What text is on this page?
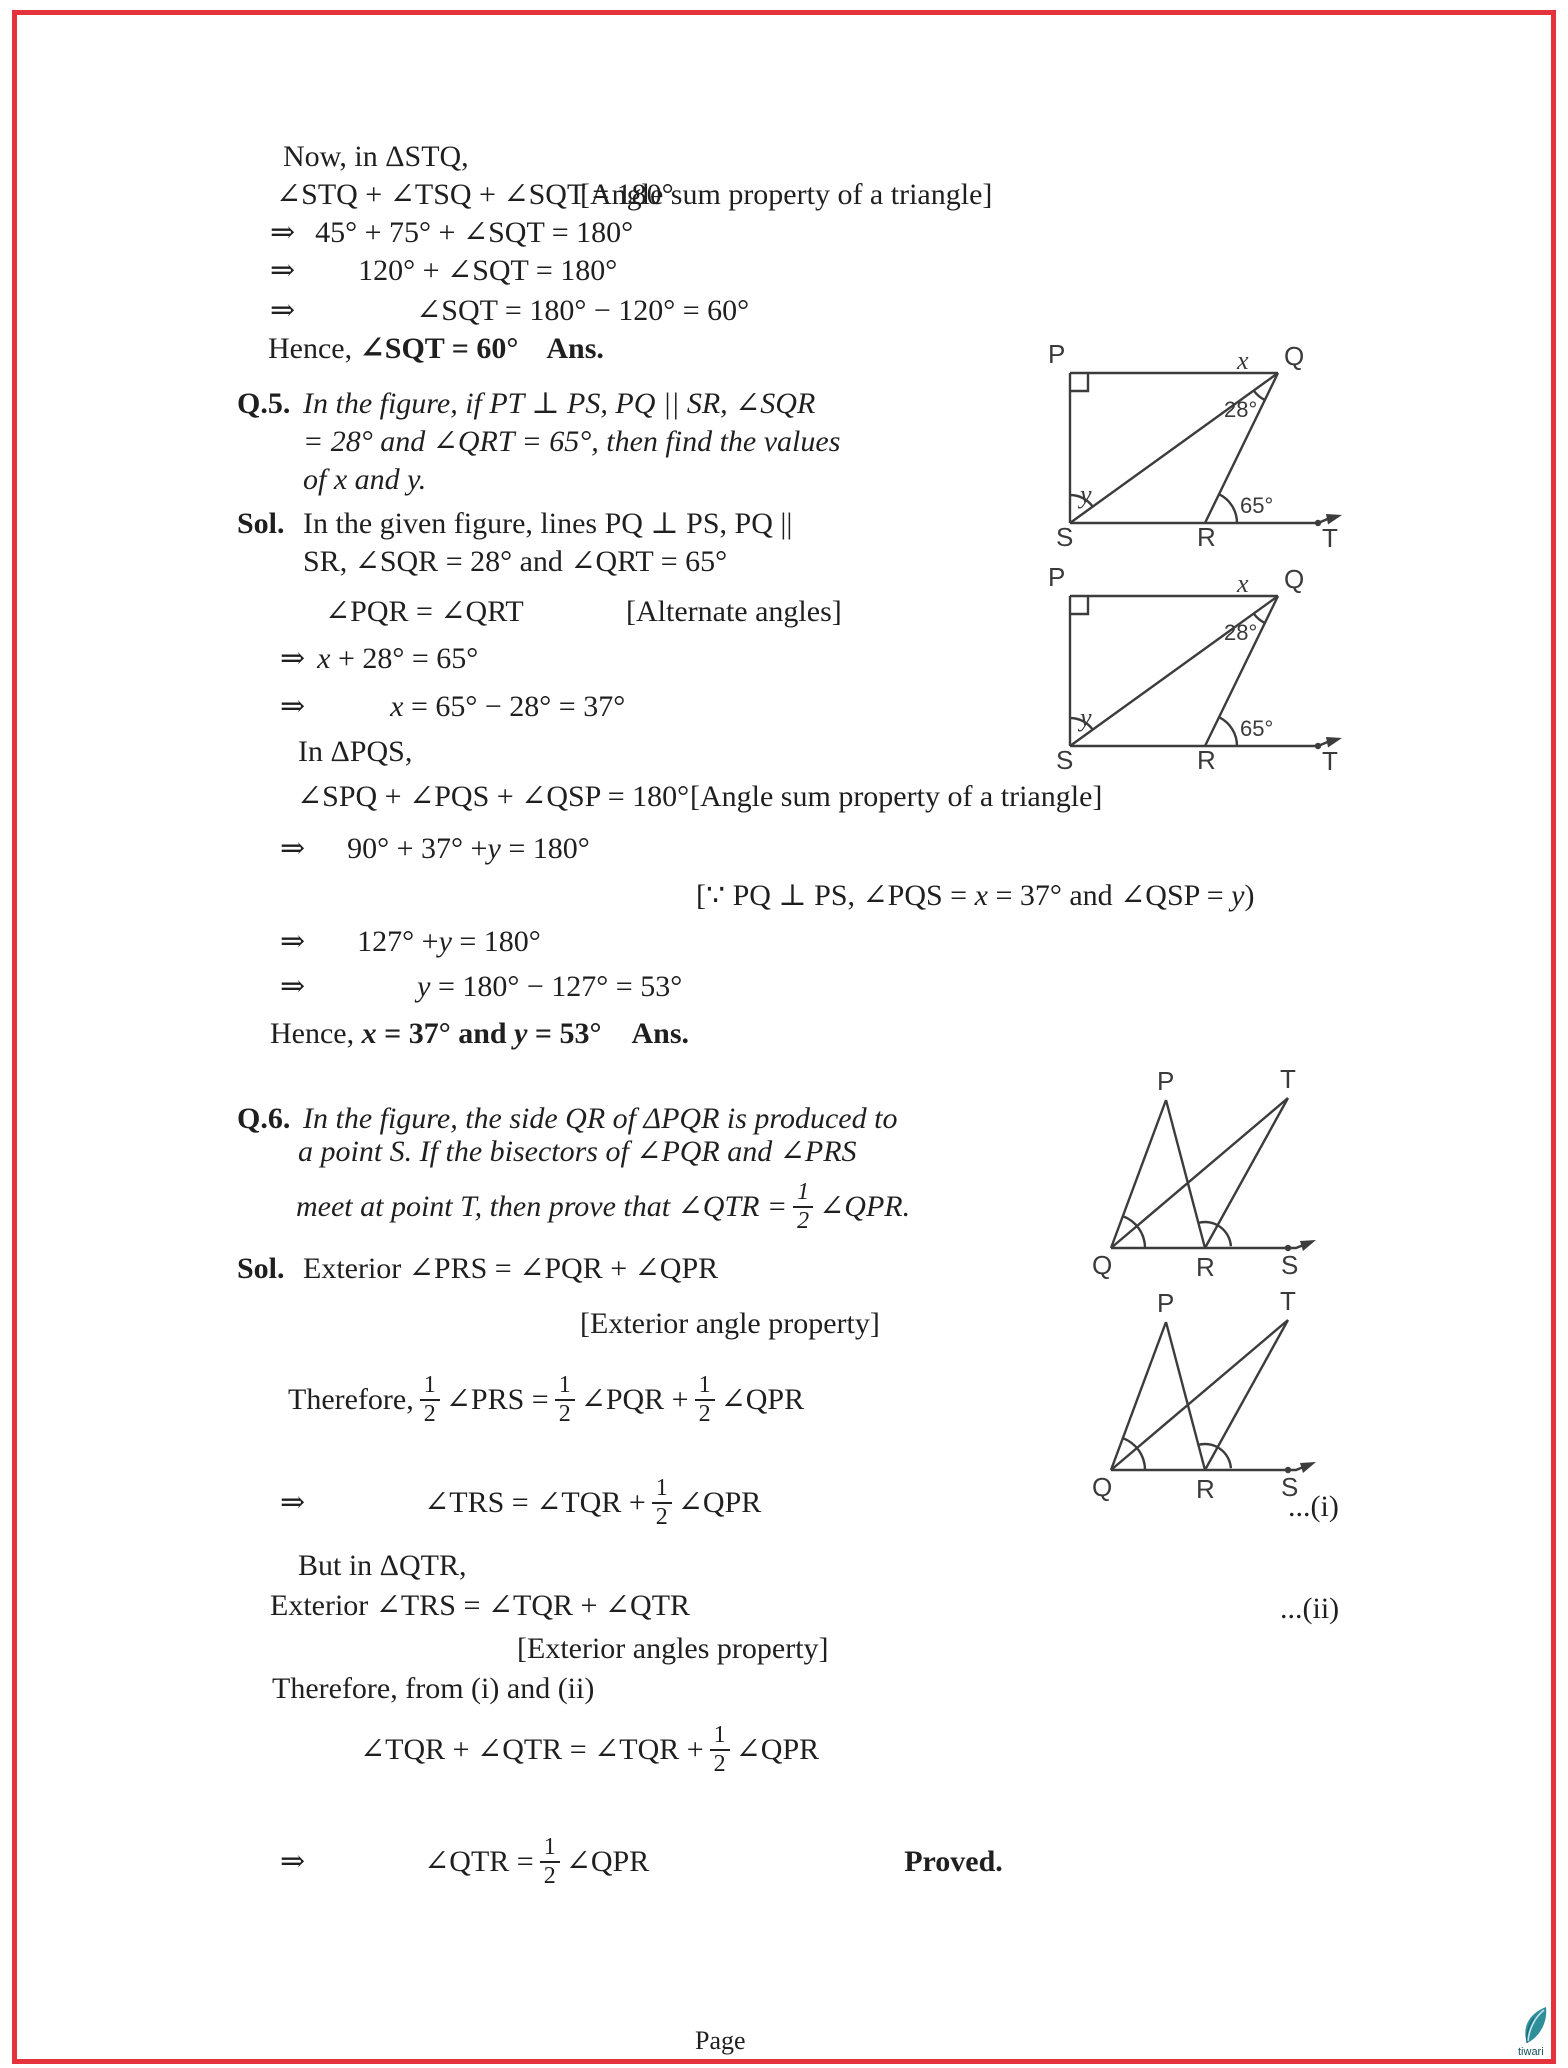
Now, in ΔSTQ,
∠STQ + ∠TSQ + ∠SQT = 180°
[Angle sum property of a triangle]
⇒ 45° + 75° + ∠SQT = 180°
⇒ 120° + ∠SQT = 180°
⇒	∠SQT = 180° − 120° = 60°
Hence, ∠SQT = 60° Ans.
Q.5. In the figure, if PT ⊥ PS, PQ || SR, ∠SQR
= 28° and ∠QRT = 65°, then find the values
of x and y.
Sol. In the given figure, lines PQ ⊥ PS, PQ ||
SR, ∠SQR = 28° and ∠QRT = 65°
∠PQR = ∠QRT	[Alternate angles]
⇒ x + 28° = 65°
⇒	x = 65° − 28° = 37°
In ΔPQS,
∠SPQ + ∠PQS + ∠QSP = 180° [Angle sum property of a triangle]
⇒ 90° + 37° +y = 180°
[∵ PQ ⊥ PS, ∠PQS = x = 37° and ∠QSP = y)
⇒ 127° +y = 180°
⇒	y = 180° − 127° = 53°
Hence, x = 37° and y = 53° Ans.
Q.6. In the figure, the side QR of ΔPQR is produced to
a point S. If the bisectors of ∠PQR and ∠PRS
meet at point T, then prove that ∠QTR = $\frac{1}{2}$ ∠QPR.
Sol. Exterior ∠PRS = ∠PQR + ∠QPR
[Exterior angle property]
Therefore, $\frac{1}{2}$ ∠PRS = $\frac{1}{2}$ ∠PQR + $\frac{1}{2}$ ∠QPR
⇒	∠TRS = ∠TQR + $\frac{1}{2}$ ∠QPR	...(i)
But in ΔQTR,
Exterior ∠TRS = ∠TQR + ∠QTR	...(ii)
[Exterior angles property]
Therefore, from (i) and (ii)
∠TQR + ∠QTR = ∠TQR + $\frac{1}{2}$ ∠QPR
⇒	∠QTR = $\frac{1}{2}$ ∠QPR	Proved.
P	Q
S	R	T
x
28°
y	65°
P	Q
S	R	T
x
28°
y	65°
P	T
Q	R	S
P	T
Q	R	S
Page	tiwari
